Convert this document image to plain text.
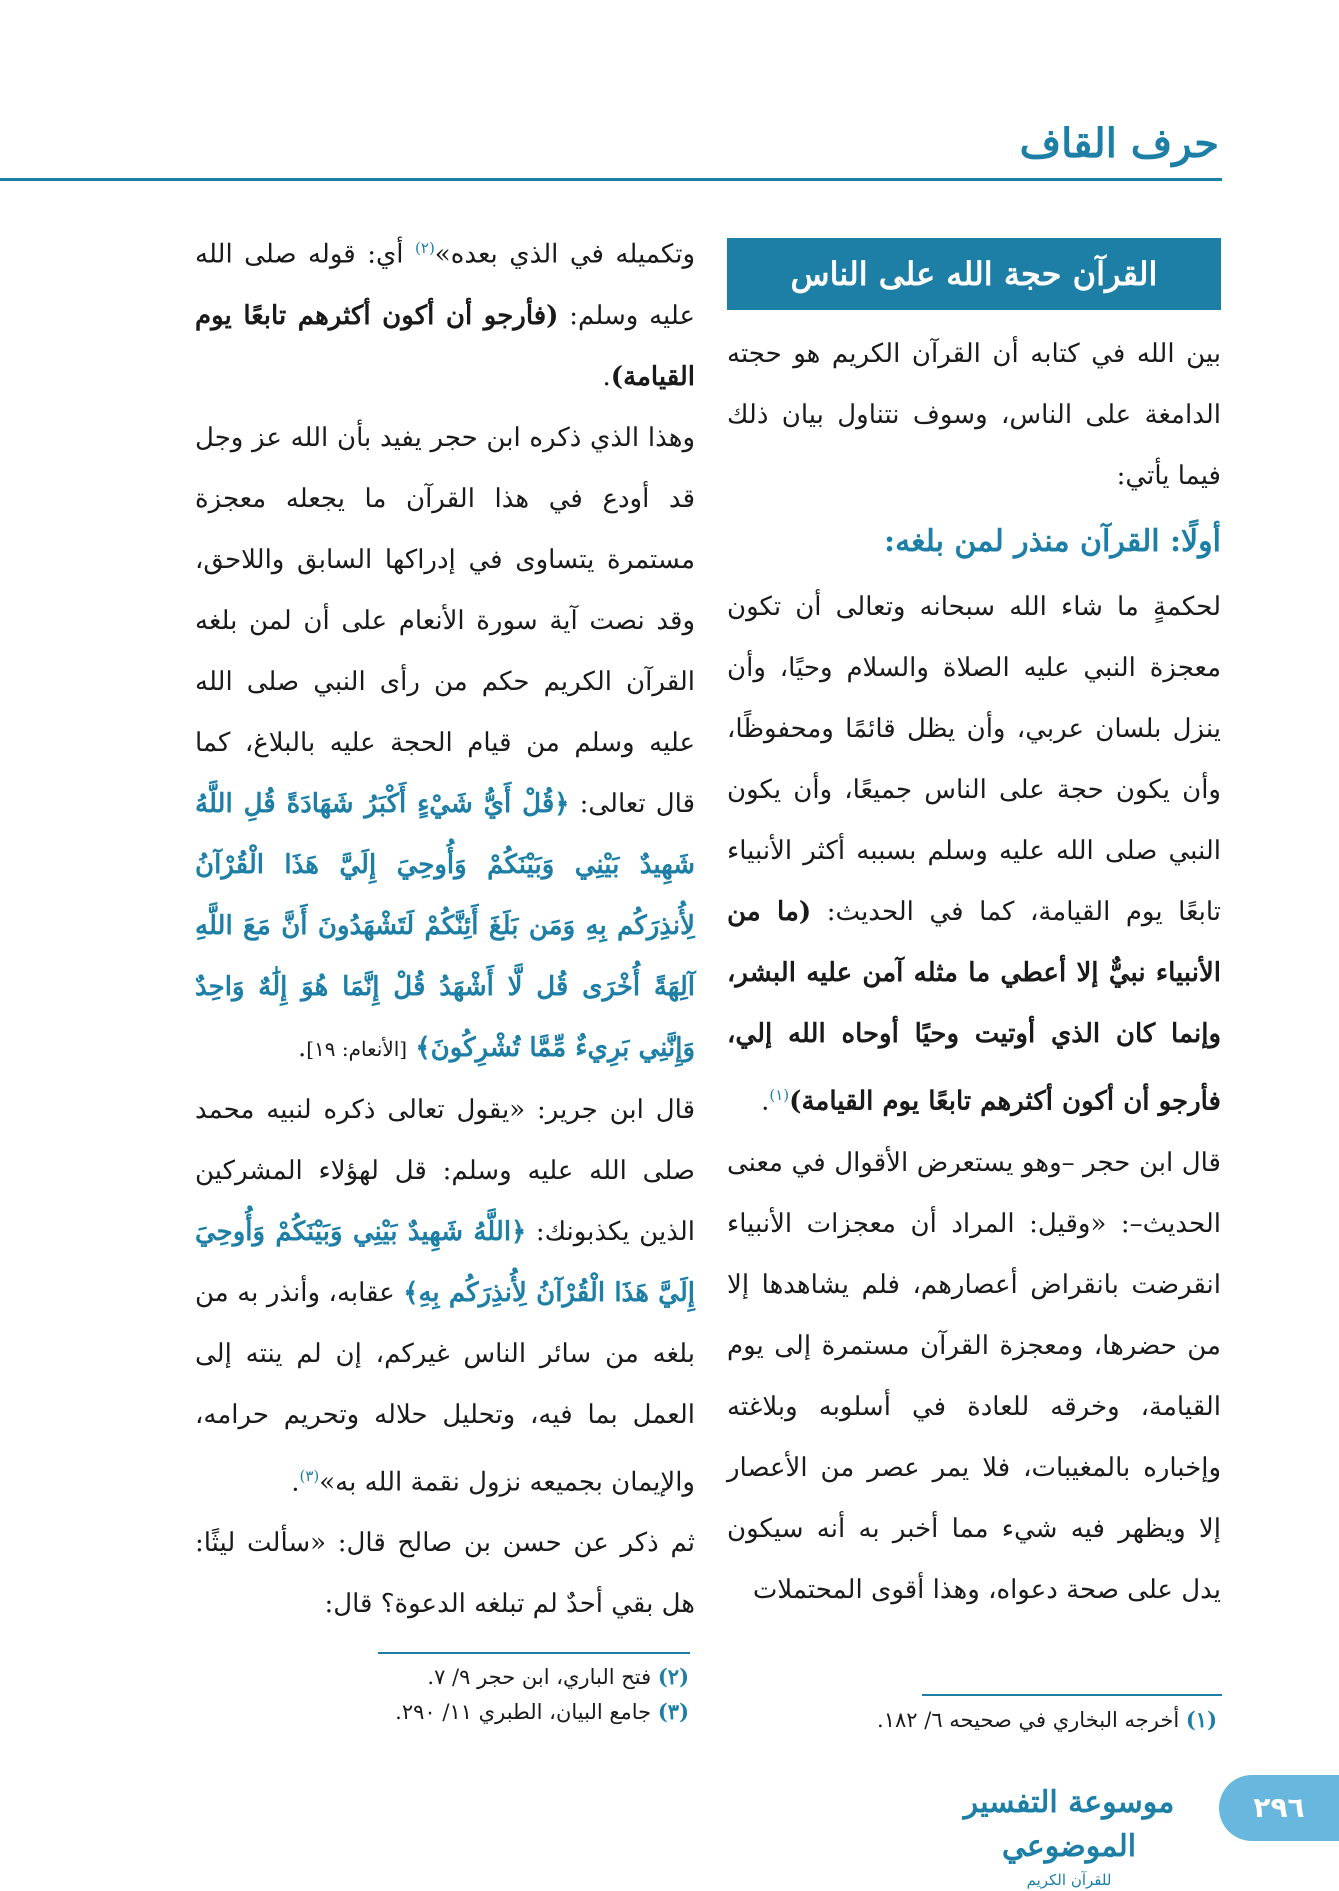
حرف القاف
القرآن حجة الله على الناس

بين الله في كتابه أن القرآن الكريم هو حجته الدامغة على الناس، وسوف نتناول بيان ذلك فيما يأتي:

أولًا: القرآن منذر لمن بلغه:

لحكمةٍ ما شاء الله سبحانه وتعالى أن تكون معجزة النبي عليه الصلاة والسلام وحيًا، وأن ينزل بلسان عربي، وأن يظل قائمًا ومحفوظًا، وأن يكون حجة على الناس جميعًا، وأن يكون النبي صلى الله عليه وسلم بسببه أكثر الأنبياء تابعًا يوم القيامة، كما في الحديث: (ما من الأنبياء نبيٌّ إلا أعطي ما مثله آمن عليه البشر، وإنما كان الذي أوتيت وحيًا أوحاه الله إلي، فأرجو أن أكون أكثرهم تابعًا يوم القيامة)$^{(١)}$.

قال ابن حجر –وهو يستعرض الأقوال في معنى الحديث–: «وقيل: المراد أن معجزات الأنبياء انقرضت بانقراض أعصارهم، فلم يشاهدها إلا من حضرها، ومعجزة القرآن مستمرة إلى يوم القيامة، وخرقه للعادة في أسلوبه وبلاغته وإخباره بالمغيبات، فلا يمر عصر من الأعصار إلا ويظهر فيه شيء مما أخبر به أنه سيكون يدل على صحة دعواه، وهذا أقوى المحتملات

وتكميله في الذي بعده»$^{(٢)}$ أي: قوله صلى الله عليه وسلم: (فأرجو أن أكون أكثرهم تابعًا يوم القيامة).

وهذا الذي ذكره ابن حجر يفيد بأن الله عز وجل قد أودع في هذا القرآن ما يجعله معجزة مستمرة يتساوى في إدراكها السابق واللاحق، وقد نصت آية سورة الأنعام على أن لمن بلغه القرآن الكريم حكم من رأى النبي صلى الله عليه وسلم من قيام الحجة عليه بالبلاغ، كما قال تعالى: ﴿قُلْ أَيُّ شَيْءٍ أَكْبَرُ شَهَادَةً قُلِ اللَّهُ شَهِيدٌ بَيْنِي وَبَيْنَكُمْ وَأُوحِيَ إِلَيَّ هَذَا الْقُرْآنُ لِأُنذِرَكُم بِهِ وَمَن بَلَغَ أَئِنَّكُمْ لَتَشْهَدُونَ أَنَّ مَعَ اللَّهِ آلِهَةً أُخْرَى قُل لَّا أَشْهَدُ قُلْ إِنَّمَا هُوَ إِلَٰهٌ وَاحِدٌ وَإِنَّنِي بَرِيءٌ مِّمَّا تُشْرِكُونَ﴾ [الأنعام: ١٩].

قال ابن جرير: «يقول تعالى ذكره لنبيه محمد صلى الله عليه وسلم: قل لهؤلاء المشركين الذين يكذبونك: ﴿اللَّهُ شَهِيدٌ بَيْنِي وَبَيْنَكُمْ وَأُوحِيَ إِلَيَّ هَذَا الْقُرْآنُ لِأُنذِرَكُم بِهِ﴾ عقابه، وأنذر به من بلغه من سائر الناس غيركم، إن لم ينته إلى العمل بما فيه، وتحليل حلاله وتحريم حرامه، والإيمان بجميعه نزول نقمة الله به»$^{(٣)}$.

ثم ذكر عن حسن بن صالح قال: «سألت ليثًا: هل بقي أحدٌ لم تبلغه الدعوة؟ قال:

(١) أخرجه البخاري في صحيحه ٦/ ١٨٢.

(٢) فتح الباري، ابن حجر ٩/ ٧.

(٣) جامع البيان، الطبري ١١/ ٢٩٠.

موسوعة التفسير الموضوعي
للقرآن الكريم
٢٩٦
